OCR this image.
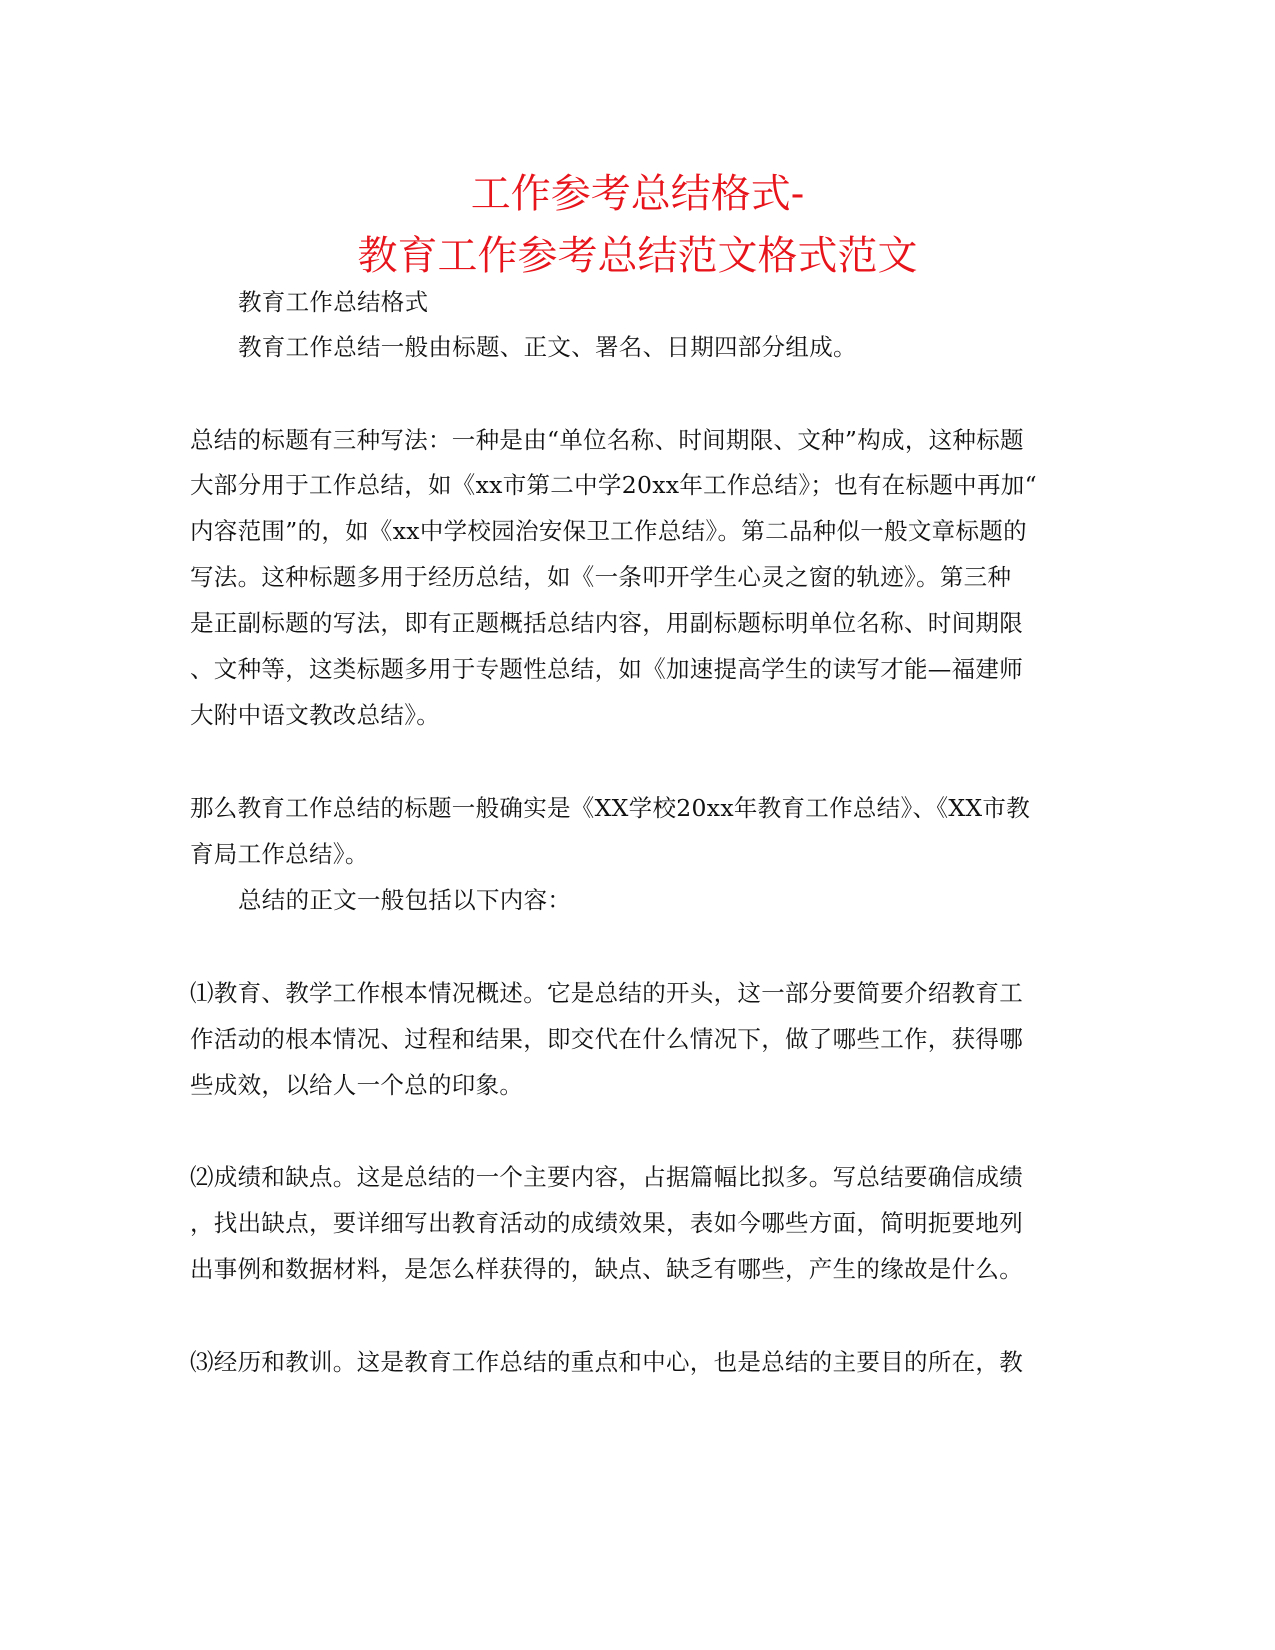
工作参考总结格式-
教育工作参考总结范文格式范文
教育工作总结格式
教育工作总结一般由标题、正文、署名、日期四部分组成。
总结的标题有三种写法：一种是由“单位名称、时间期限、文种”构成，这种标题
大部分用于工作总结，如《xx市第二中学20xx年工作总结》；也有在标题中再加“
内容范围”的，如《xx中学校园治安保卫工作总结》。第二品种似一般文章标题的
写法。这种标题多用于经历总结，如《一条叩开学生心灵之窗的轨迹》。第三种
是正副标题的写法，即有正题概括总结内容，用副标题标明单位名称、时间期限
、文种等，这类标题多用于专题性总结，如《加速提高学生的读写才能—福建师
大附中语文教改总结》。
那么教育工作总结的标题一般确实是《XX学校20xx年教育工作总结》、《XX市教
育局工作总结》。
总结的正文一般包括以下内容：
⑴教育、教学工作根本情况概述。它是总结的开头，这一部分要简要介绍教育工
作活动的根本情况、过程和结果，即交代在什么情况下，做了哪些工作，获得哪
些成效，以给人一个总的印象。
⑵成绩和缺点。这是总结的一个主要内容，占据篇幅比拟多。写总结要确信成绩
，找出缺点，要详细写出教育活动的成绩效果，表如今哪些方面，简明扼要地列
出事例和数据材料，是怎么样获得的，缺点、缺乏有哪些，产生的缘故是什么。
⑶经历和教训。这是教育工作总结的重点和中心，也是总结的主要目的所在，教
